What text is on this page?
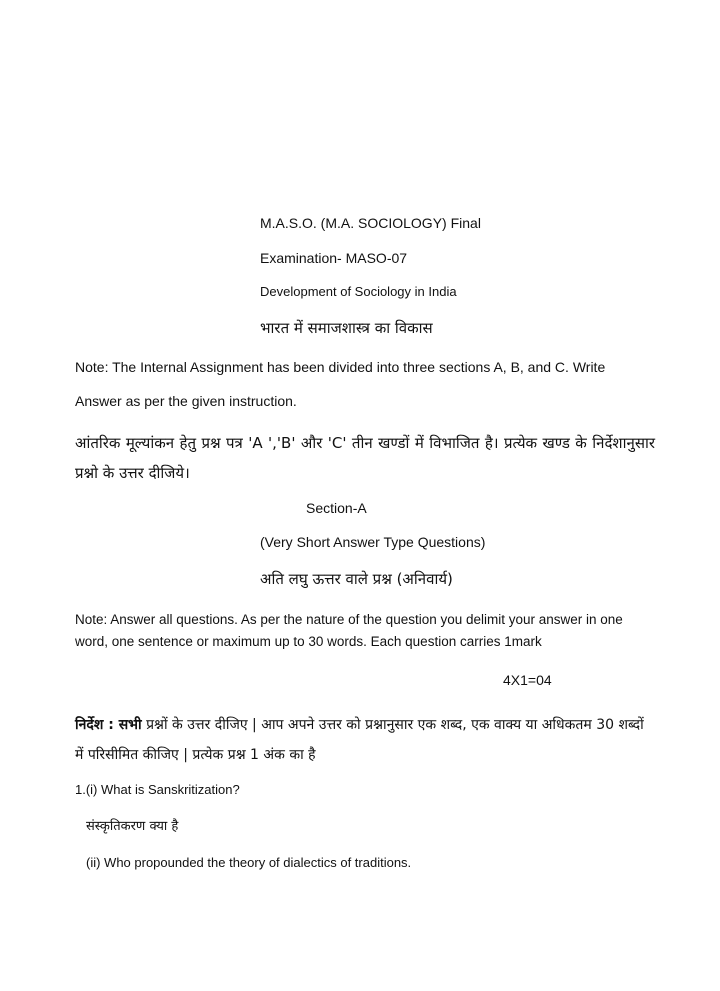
M.A.S.O. (M.A. SOCIOLOGY) Final
Examination- MASO-07
Development of Sociology in India
भारत में समाजशास्त्र का विकास
Note: The Internal Assignment has been divided into three sections A, B, and C. Write
Answer as per the given instruction.
आंतरिक मूल्यांकन हेतु प्रश्न पत्र 'A ','B' और 'C' तीन खण्डों में विभाजित है। प्रत्येक खण्ड के निर्देशानुसार प्रश्नो के उत्तर दीजिये।
Section-A
(Very Short Answer Type Questions)
अति लघु ऊत्तर वाले प्रश्न (अनिवार्य)
Note: Answer all questions. As per the nature of the question you delimit your answer in one word, one sentence or maximum up to 30 words. Each question carries 1mark
4X1=04
निर्देश : सभी प्रश्नों के उत्तर दीजिए | आप अपने उत्तर को प्रश्नानुसार एक शब्द, एक वाक्य या अधिकतम 30 शब्दों में परिसीमित कीजिए | प्रत्येक प्रश्न 1 अंक का है
1.(i) What is Sanskritization?
संस्कृतिकरण क्या है
(ii) Who propounded the theory of dialectics of traditions.
